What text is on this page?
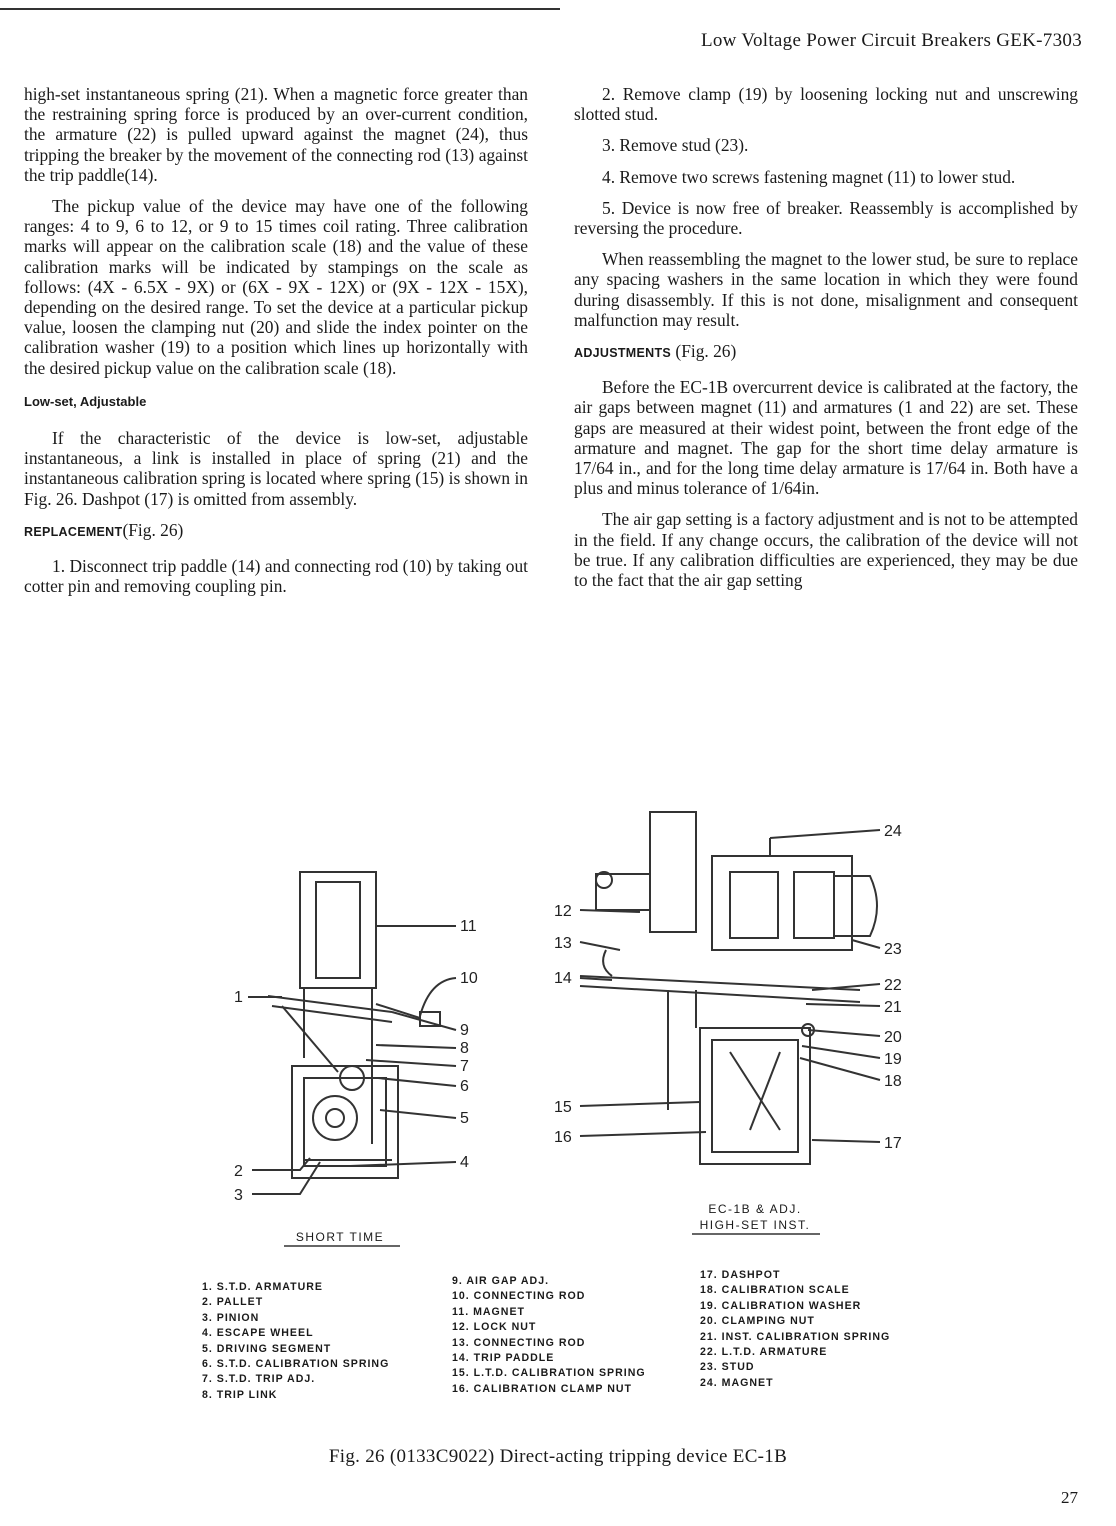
Low Voltage Power Circuit Breakers GEK-7303

high-set instantaneous spring (21). When a magnetic force greater than the restraining spring force is produced by an over-current condition, the armature (22) is pulled upward against the magnet (24), thus tripping the breaker by the movement of the connecting rod (13) against the trip paddle(14).

The pickup value of the device may have one of the following ranges: 4 to 9, 6 to 12, or 9 to 15 times coil rating. Three calibration marks will appear on the calibration scale (18) and the value of these calibration marks will be indicated by stampings on the scale as follows: (4X - 6.5X - 9X) or (6X - 9X - 12X) or (9X - 12X - 15X), depending on the desired range. To set the device at a particular pickup value, loosen the clamping nut (20) and slide the index pointer on the calibration washer (19) to a position which lines up horizontally with the desired pickup value on the calibration scale (18).

Low-set, Adjustable

If the characteristic of the device is low-set, adjustable instantaneous, a link is installed in place of spring (21) and the instantaneous calibration spring is located where spring (15) is shown in Fig. 26. Dashpot (17) is omitted from assembly.

REPLACEMENT(Fig. 26)

1. Disconnect trip paddle (14) and connecting rod (10) by taking out cotter pin and removing coupling pin.

2. Remove clamp (19) by loosening locking nut and unscrewing slotted stud.

3. Remove stud (23).

4. Remove two screws fastening magnet (11) to lower stud.

5. Device is now free of breaker. Reassembly is accomplished by reversing the procedure.

When reassembling the magnet to the lower stud, be sure to replace any spacing washers in the same location in which they were found during disassembly. If this is not done, misalignment and consequent malfunction may result.

ADJUSTMENTS (Fig. 26)

Before the EC-1B overcurrent device is calibrated at the factory, the air gaps between magnet (11) and armatures (1 and 22) are set. These gaps are measured at their widest point, between the front edge of the armature and magnet. The gap for the short time delay armature is 17/64 in., and for the long time delay armature is 17/64 in. Both have a plus and minus tolerance of 1/64in.

The air gap setting is a factory adjustment and is not to be attempted in the field. If any change occurs, the calibration of the device will not be true. If any calibration difficulties are experienced, they may be due to the fact that the air gap setting

11
10
1
9
8
7
6
5
4
2
3
24
12
13
14
23
22
21
20
19
18
15
16	17
SHORT TIME
EC-1B & ADJ.
HIGH-SET INST.
1. S.T.D. ARMATURE
2. PALLET
3. PINION
4. ESCAPE WHEEL
5. DRIVING SEGMENT
6. S.T.D. CALIBRATION SPRING
7. S.T.D. TRIP ADJ.
8. TRIP LINK
9. AIR GAP ADJ.
10. CONNECTING ROD
11. MAGNET
12. LOCK NUT
13. CONNECTING ROD
14. TRIP PADDLE
15. L.T.D. CALIBRATION SPRING
16. CALIBRATION CLAMP NUT
17. DASHPOT
18. CALIBRATION SCALE
19. CALIBRATION WASHER
20. CLAMPING NUT
21. INST. CALIBRATION SPRING
22. L.T.D. ARMATURE
23. STUD
24. MAGNET
Fig. 26 (0133C9022) Direct-acting tripping device EC-1B
27
